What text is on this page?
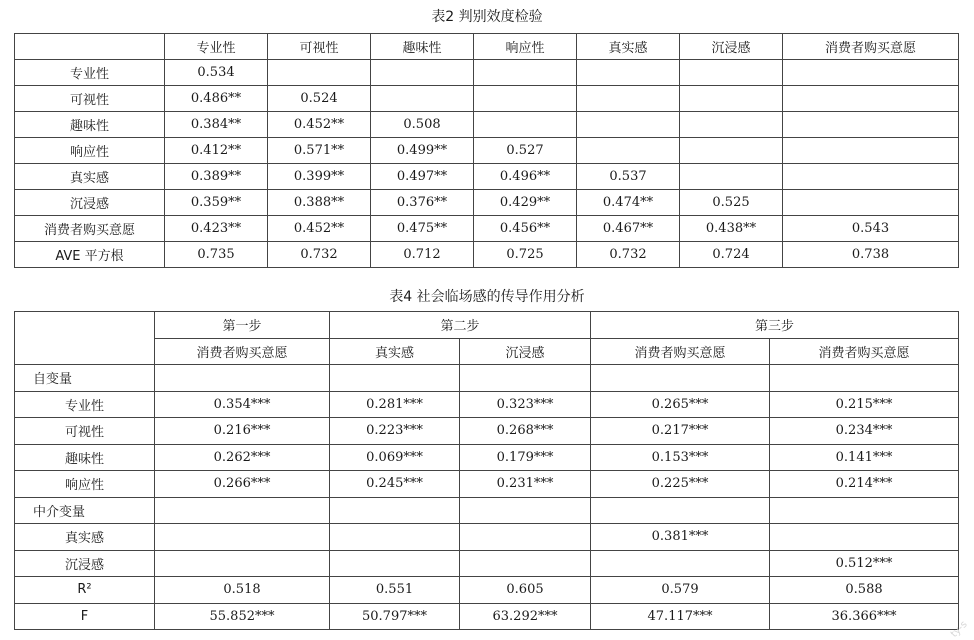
表2 判别效度检验
	专业性	可视性	趣味性	响应性	真实感	沉浸感	消费者购买意愿
专业性	0.534						
可视性	0.486**	0.524					
趣味性	0.384**	0.452**	0.508				
响应性	0.412**	0.571**	0.499**	0.527			
真实感	0.389**	0.399**	0.497**	0.496**	0.537		
沉浸感	0.359**	0.388**	0.376**	0.429**	0.474**	0.525	
消费者购买意愿	0.423**	0.452**	0.475**	0.456**	0.467**	0.438**	0.543
AVE 平方根	0.735	0.732	0.712	0.725	0.732	0.724	0.738
表4 社会临场感的传导作用分析
	第一步	第二步		第三步	
	消费者购买意愿	真实感	沉浸感	消费者购买意愿	消费者购买意愿
自变量					
专业性	0.354***	0.281***	0.323***	0.265***	0.215***
可视性	0.216***	0.223***	0.268***	0.217***	0.234***
趣味性	0.262***	0.069***	0.179***	0.153***	0.141***
响应性	0.266***	0.245***	0.231***	0.225***	0.214***
中介变量					
真实感				0.381***	
沉浸感					0.512***
R²	0.518	0.551	0.605	0.579	0.588
F	55.852***	50.797***	63.292***	47.117***	36.366***
ty-s
